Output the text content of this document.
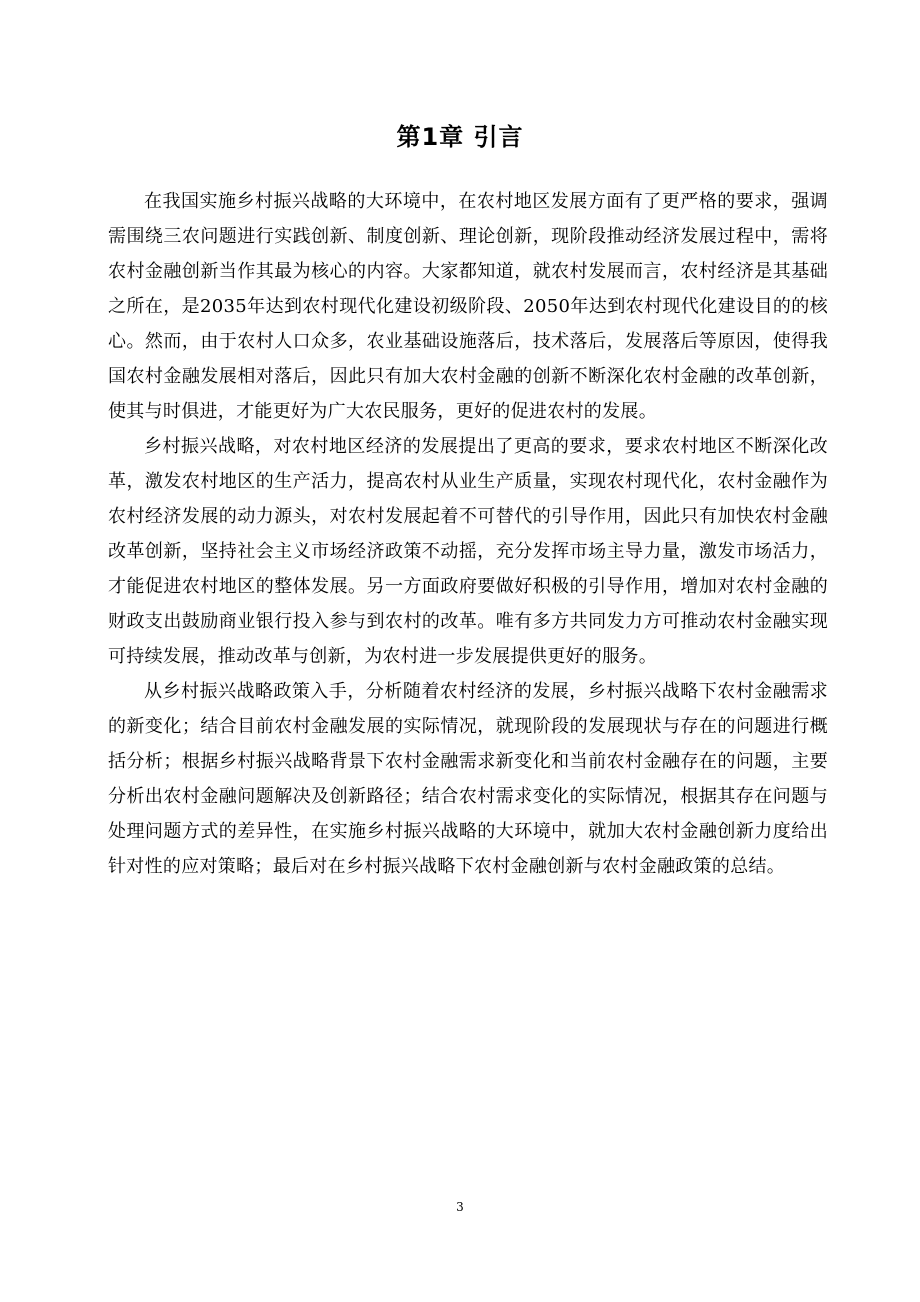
第1章 引言

在我国实施乡村振兴战略的大环境中，在农村地区发展方面有了更严格的要求，强调需围绕三农问题进行实践创新、制度创新、理论创新，现阶段推动经济发展过程中，需将农村金融创新当作其最为核心的内容。大家都知道，就农村发展而言，农村经济是其基础之所在，是2035年达到农村现代化建设初级阶段、2050年达到农村现代化建设目的的核心。然而，由于农村人口众多，农业基础设施落后，技术落后，发展落后等原因，使得我国农村金融发展相对落后，因此只有加大农村金融的创新不断深化农村金融的改革创新，使其与时俱进，才能更好为广大农民服务，更好的促进农村的发展。

乡村振兴战略，对农村地区经济的发展提出了更高的要求，要求农村地区不断深化改革，激发农村地区的生产活力，提高农村从业生产质量，实现农村现代化，农村金融作为农村经济发展的动力源头，对农村发展起着不可替代的引导作用，因此只有加快农村金融改革创新，坚持社会主义市场经济政策不动摇，充分发挥市场主导力量，激发市场活力，才能促进农村地区的整体发展。另一方面政府要做好积极的引导作用，增加对农村金融的财政支出鼓励商业银行投入参与到农村的改革。唯有多方共同发力方可推动农村金融实现可持续发展，推动改革与创新，为农村进一步发展提供更好的服务。

从乡村振兴战略政策入手，分析随着农村经济的发展，乡村振兴战略下农村金融需求的新变化；结合目前农村金融发展的实际情况，就现阶段的发展现状与存在的问题进行概括分析；根据乡村振兴战略背景下农村金融需求新变化和当前农村金融存在的问题，主要分析出农村金融问题解决及创新路径；结合农村需求变化的实际情况，根据其存在问题与处理问题方式的差异性，在实施乡村振兴战略的大环境中，就加大农村金融创新力度给出针对性的应对策略；最后对在乡村振兴战略下农村金融创新与农村金融政策的总结。

3
